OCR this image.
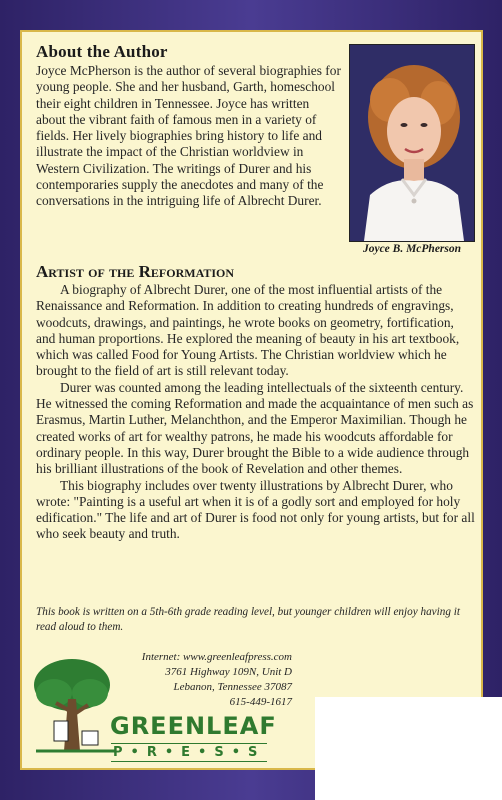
About the Author
Joyce McPherson is the author of several biographies for young people. She and her husband, Garth, homeschool their eight children in Tennessee. Joyce has written about the vibrant faith of famous men in a variety of fields. Her lively biographies bring history to life and illustrate the impact of the Christian worldview in Western Civilization. The writings of Durer and his contemporaries supply the anecdotes and many of the conversations in the intriguing life of Albrecht Durer.
Joyce B. McPherson
Artist of the Reformation

A biography of Albrecht Durer, one of the most influential artists of the Renaissance and Reformation. In addition to creating hundreds of engravings, woodcuts, drawings, and paintings, he wrote books on geometry, fortification, and human proportions. He explored the meaning of beauty in his art textbook, which was called Food for Young Artists. The Christian worldview which he brought to the field of art is still relevant today.

Durer was counted among the leading intellectuals of the sixteenth century. He witnessed the coming Reformation and made the acquaintance of men such as Erasmus, Martin Luther, Melanchthon, and the Emperor Maximilian. Though he created works of art for wealthy patrons, he made his woodcuts affordable for ordinary people. In this way, Durer brought the Bible to a wide audience through his brilliant illustrations of the book of Revelation and other themes.

This biography includes over twenty illustrations by Albrecht Durer, who wrote: "Painting is a useful art when it is of a godly sort and employed for holy edification." The life and art of Durer is food not only for young artists, but for all who seek beauty and truth.

This book is written on a 5th-6th grade reading level, but younger children will enjoy having it read aloud to them.
Internet: www.greenleafpress.com
3761 Highway 109N, Unit D
Lebanon, Tennessee 37087
615-449-1617
GREENLEAF
P•R•E•S•S
